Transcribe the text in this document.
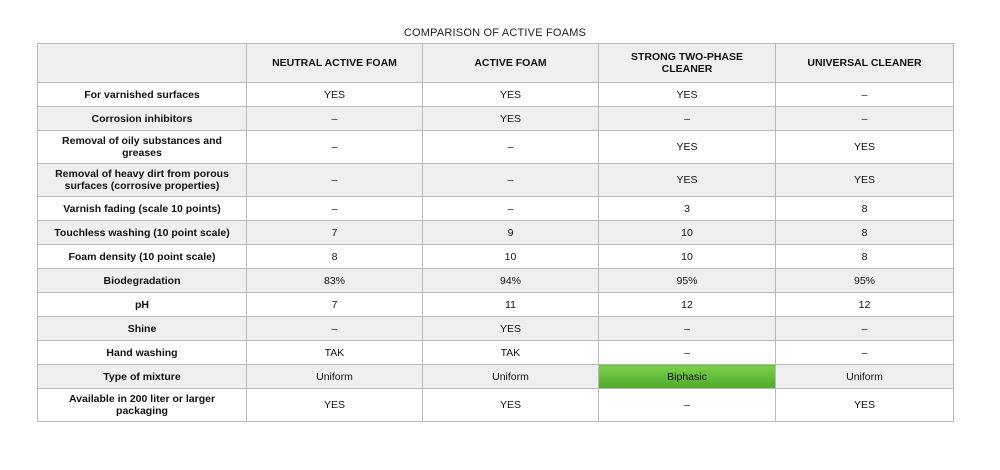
COMPARISON OF ACTIVE FOAMS
	NEUTRAL ACTIVE FOAM	ACTIVE FOAM	STRONG TWO-PHASE CLEANER	UNIVERSAL CLEANER
For varnished surfaces	YES	YES	YES	–
Corrosion inhibitors	–	YES	–	–
Removal of oily substances and greases	–	–	YES	YES
Removal of heavy dirt from porous surfaces (corrosive properties)	–	–	YES	YES
Varnish fading (scale 10 points)	–	–	3	8
Touchless washing (10 point scale)	7	9	10	8
Foam density (10 point scale)	8	10	10	8
Biodegradation	83%	94%	95%	95%
pH	7	11	12	12
Shine	–	YES	–	–
Hand washing	TAK	TAK	–	–
Type of mixture	Uniform	Uniform	Biphasic	Uniform
Available in 200 liter or larger packaging	YES	YES	–	YES
